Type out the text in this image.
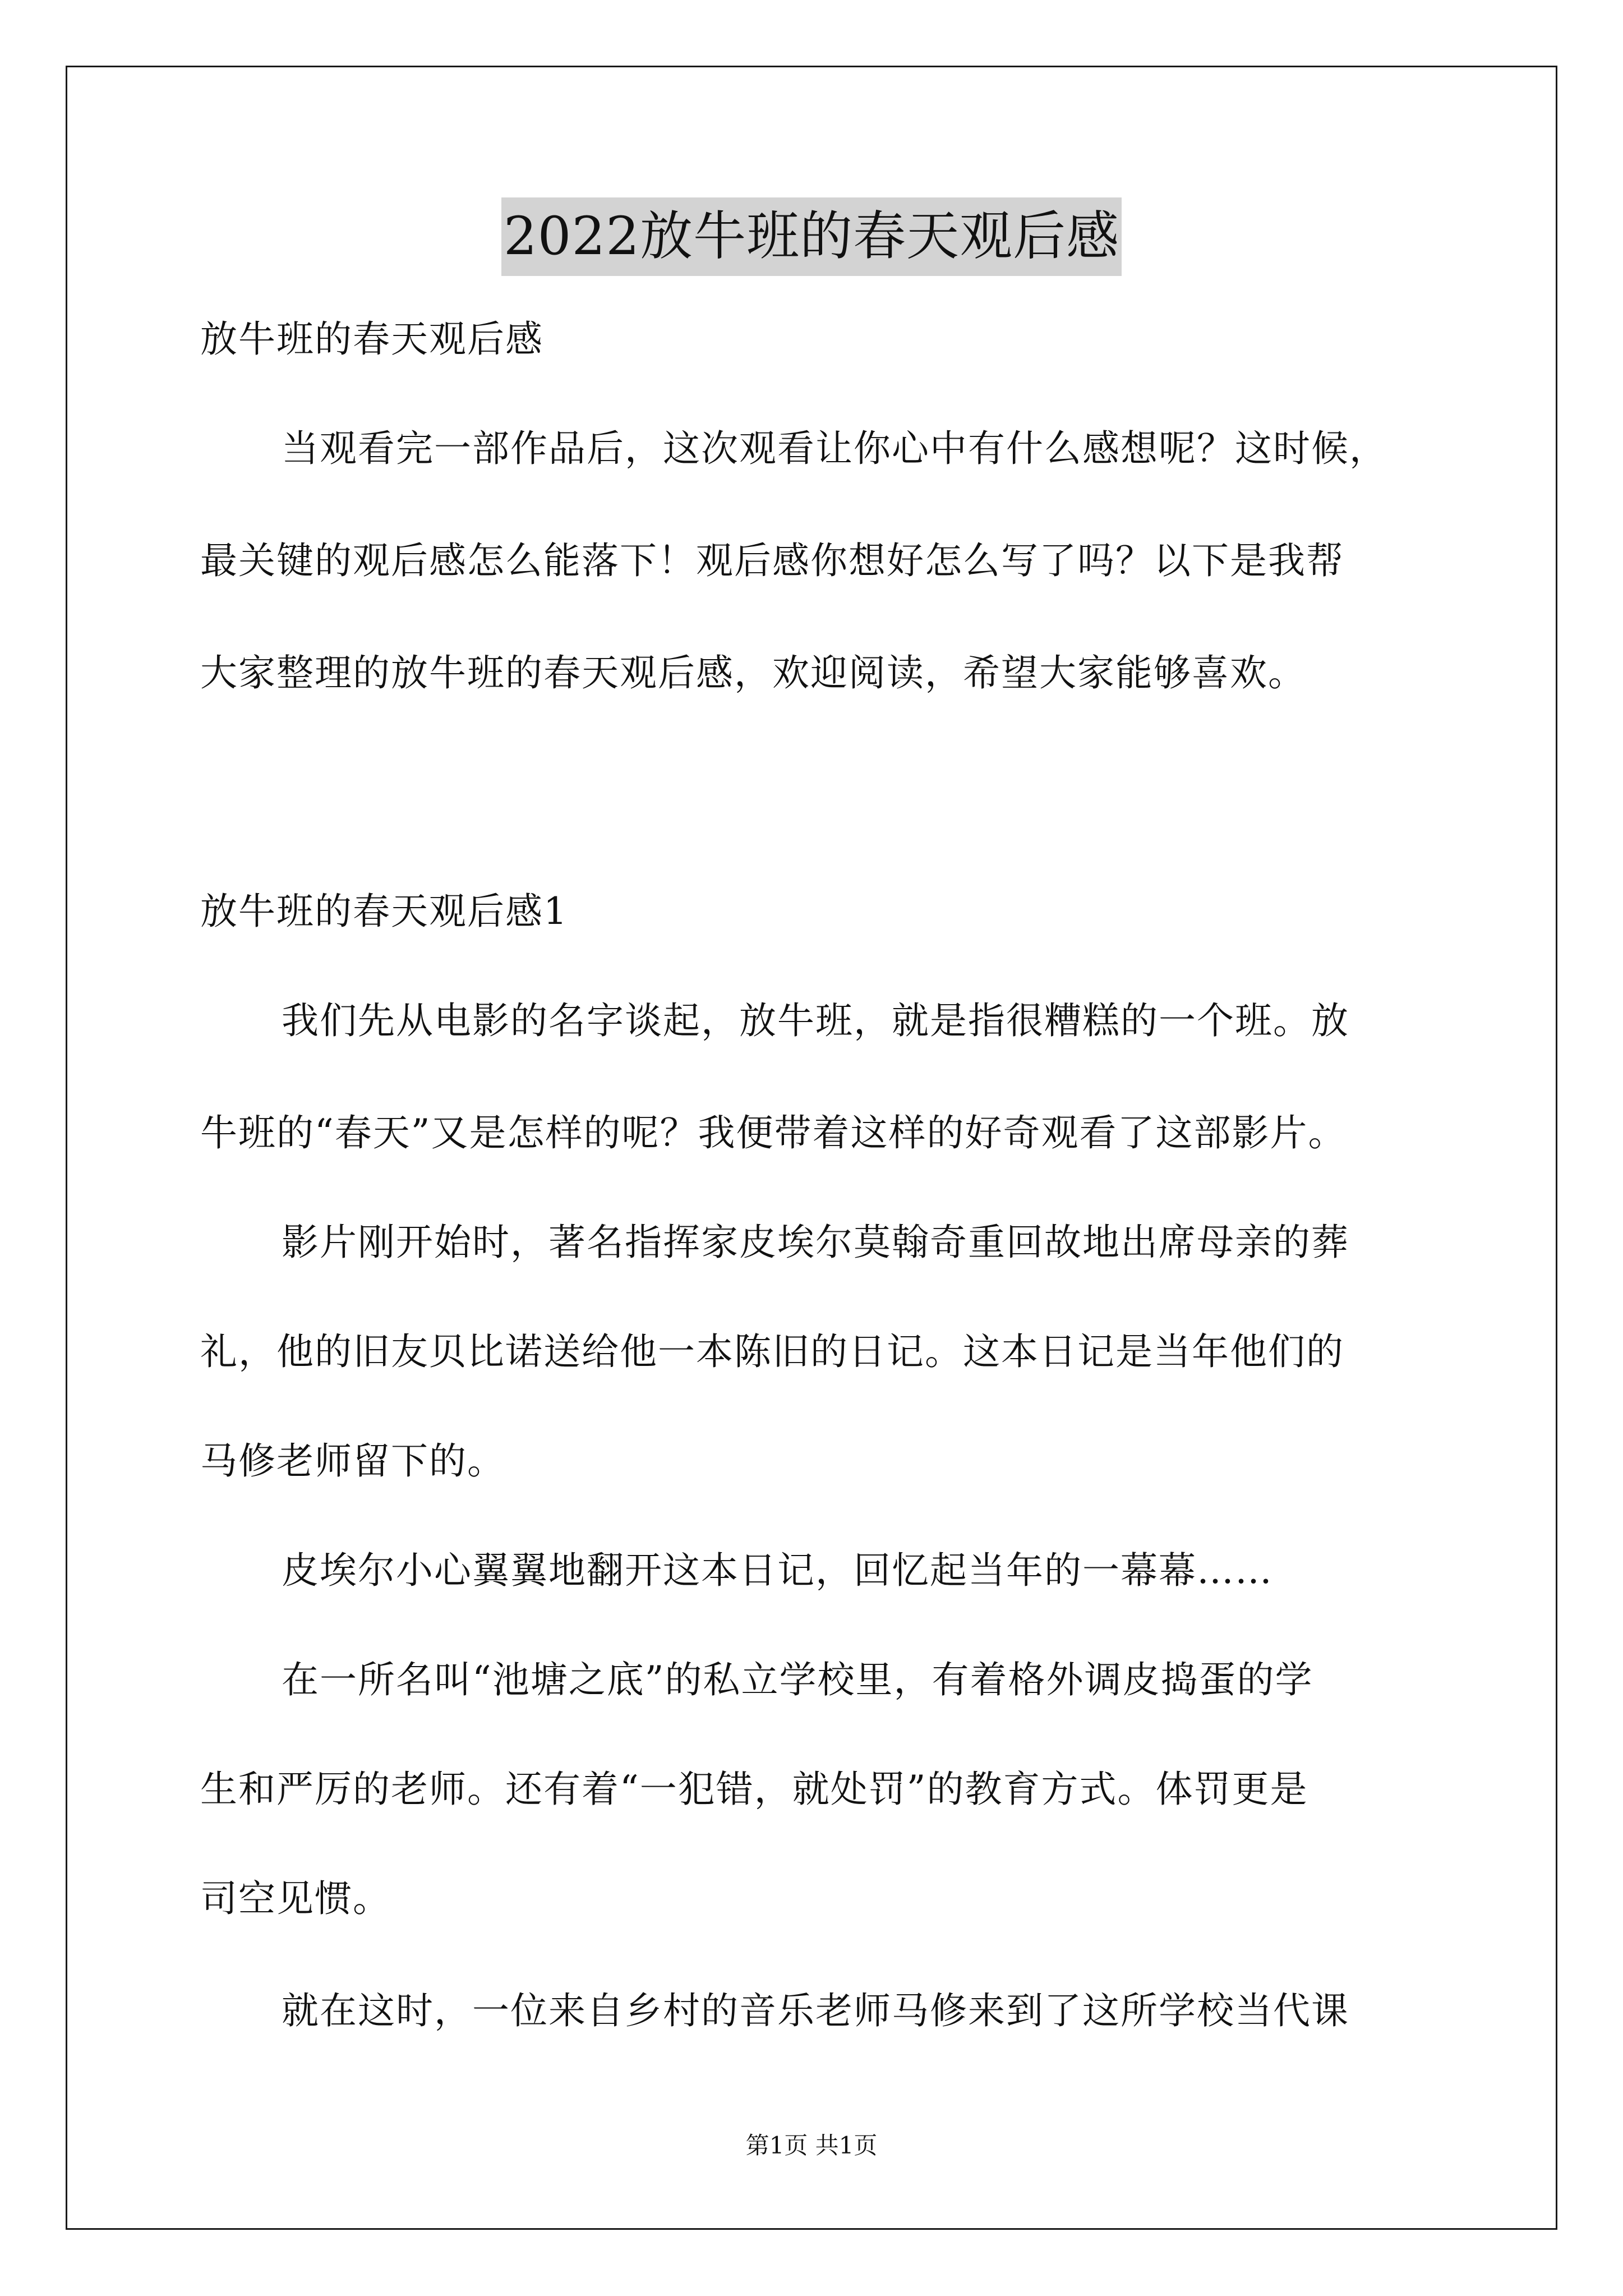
2022放牛班的春天观后感
放牛班的春天观后感
当观看完一部作品后，这次观看让你心中有什么感想呢？这时候，
最关键的观后感怎么能落下！观后感你想好怎么写了吗？以下是我帮
大家整理的放牛班的春天观后感，欢迎阅读，希望大家能够喜欢。
放牛班的春天观后感1
我们先从电影的名字谈起，放牛班，就是指很糟糕的一个班。放
牛班的“春天”又是怎样的呢？我便带着这样的好奇观看了这部影片。
影片刚开始时，著名指挥家皮埃尔莫翰奇重回故地出席母亲的葬
礼，他的旧友贝比诺送给他一本陈旧的日记。这本日记是当年他们的
马修老师留下的。
皮埃尔小心翼翼地翻开这本日记，回忆起当年的一幕幕……
在一所名叫“池塘之底”的私立学校里，有着格外调皮捣蛋的学
生和严厉的老师。还有着“一犯错，就处罚”的教育方式。体罚更是
司空见惯。
就在这时，一位来自乡村的音乐老师马修来到了这所学校当代课
第1页 共1页
